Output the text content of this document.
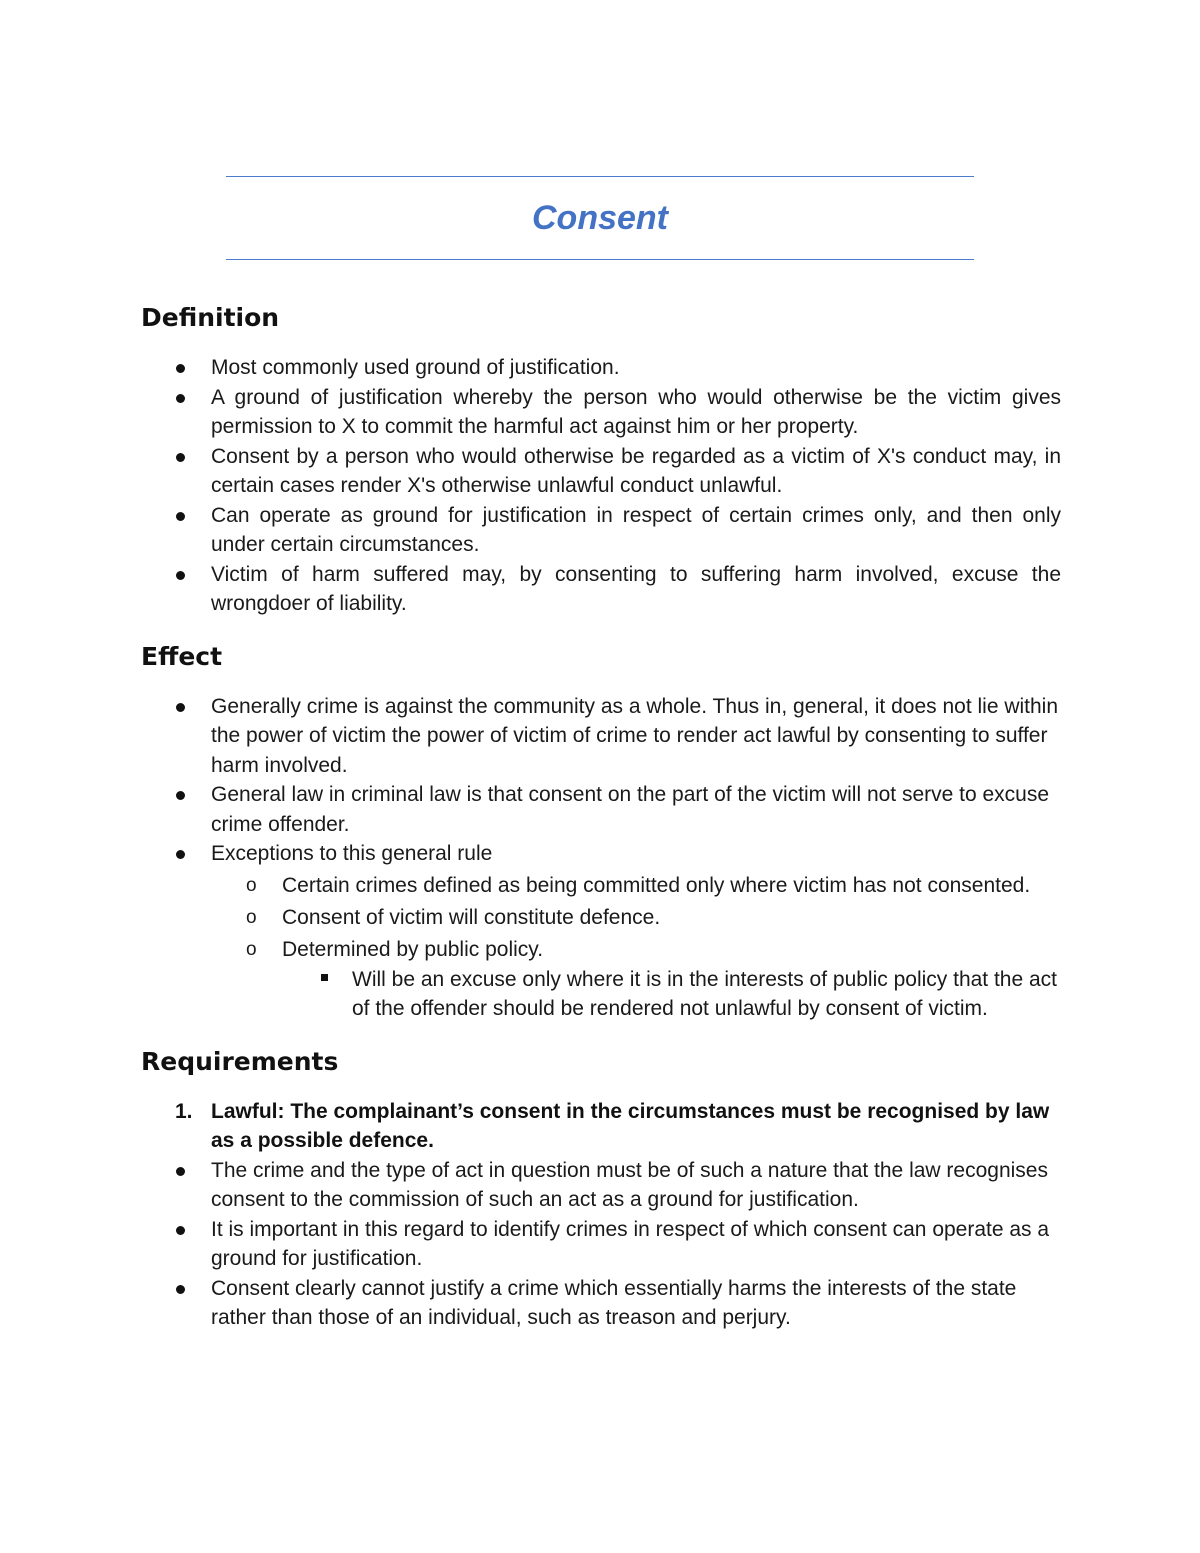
Consent
Definition
Most commonly used ground of justification.
A ground of justification whereby the person who would otherwise be the victim gives permission to X to commit the harmful act against him or her property.
Consent by a person who would otherwise be regarded as a victim of X's conduct may, in certain cases render X's otherwise unlawful conduct unlawful.
Can operate as ground for justification in respect of certain crimes only, and then only under certain circumstances.
Victim of harm suffered may, by consenting to suffering harm involved, excuse the wrongdoer of liability.
Effect
Generally crime is against the community as a whole. Thus in, general, it does not lie within the power of victim the power of victim of crime to render act lawful by consenting to suffer harm involved.
General law in criminal law is that consent on the part of the victim will not serve to excuse crime offender.
Exceptions to this general rule
o Certain crimes defined as being committed only where victim has not consented.
o Consent of victim will constitute defence.
o Determined by public policy.
Will be an excuse only where it is in the interests of public policy that the act of the offender should be rendered not unlawful by consent of victim.
Requirements
1. Lawful: The complainant’s consent in the circumstances must be recognised by law as a possible defence.
The crime and the type of act in question must be of such a nature that the law recognises consent to the commission of such an act as a ground for justification.
It is important in this regard to identify crimes in respect of which consent can operate as a ground for justification.
Consent clearly cannot justify a crime which essentially harms the interests of the state rather than those of an individual, such as treason and perjury.
